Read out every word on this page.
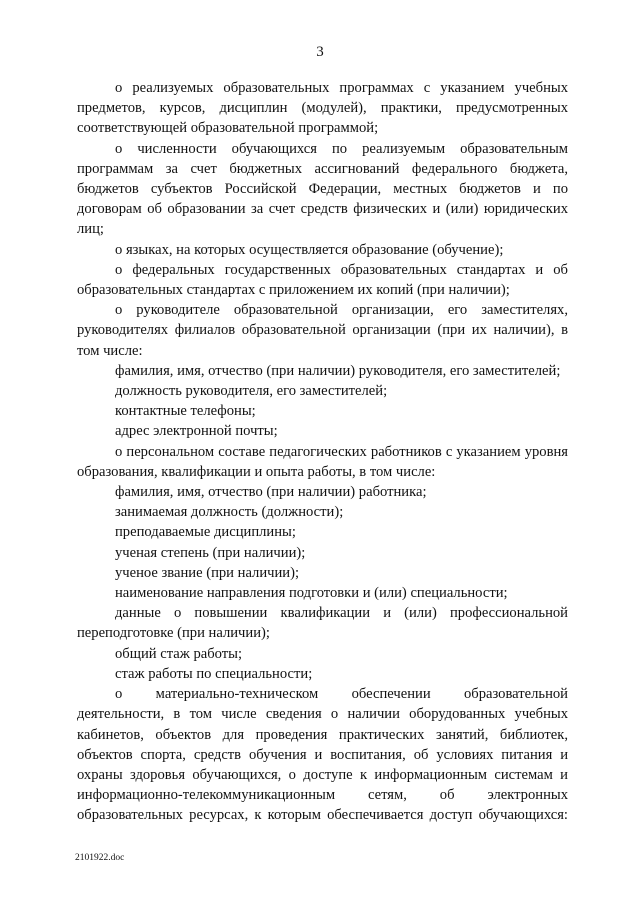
3

о реализуемых образовательных программах с указанием учебных предметов, курсов, дисциплин (модулей), практики, предусмотренных соответствующей образовательной программой;

о численности обучающихся по реализуемым образовательным программам за счет бюджетных ассигнований федерального бюджета, бюджетов субъектов Российской Федерации, местных бюджетов и по договорам об образовании за счет средств физических и (или) юридических лиц;

о языках, на которых осуществляется образование (обучение);

о федеральных государственных образовательных стандартах и об образовательных стандартах с приложением их копий (при наличии);

о руководителе образовательной организации, его заместителях, руководителях филиалов образовательной организации (при их наличии), в том числе:

фамилия, имя, отчество (при наличии) руководителя, его заместителей;

должность руководителя, его заместителей;

контактные телефоны;

адрес электронной почты;

о персональном составе педагогических работников с указанием уровня образования, квалификации и опыта работы, в том числе:

фамилия, имя, отчество (при наличии) работника;

занимаемая должность (должности);

преподаваемые дисциплины;

ученая степень (при наличии);

ученое звание (при наличии);

наименование направления подготовки и (или) специальности;

данные о повышении квалификации и (или) профессиональной переподготовке (при наличии);

общий стаж работы;

стаж работы по специальности;

о материально-техническом обеспечении образовательной деятельности, в том числе сведения о наличии оборудованных учебных кабинетов, объектов для проведения практических занятий, библиотек, объектов спорта, средств обучения и воспитания, об условиях питания и охраны здоровья обучающихся, о доступе к информационным системам и информационно-телекоммуникационным сетям, об электронных образовательных ресурсах, к которым обеспечивается доступ обучающихся:

2101922.doc
